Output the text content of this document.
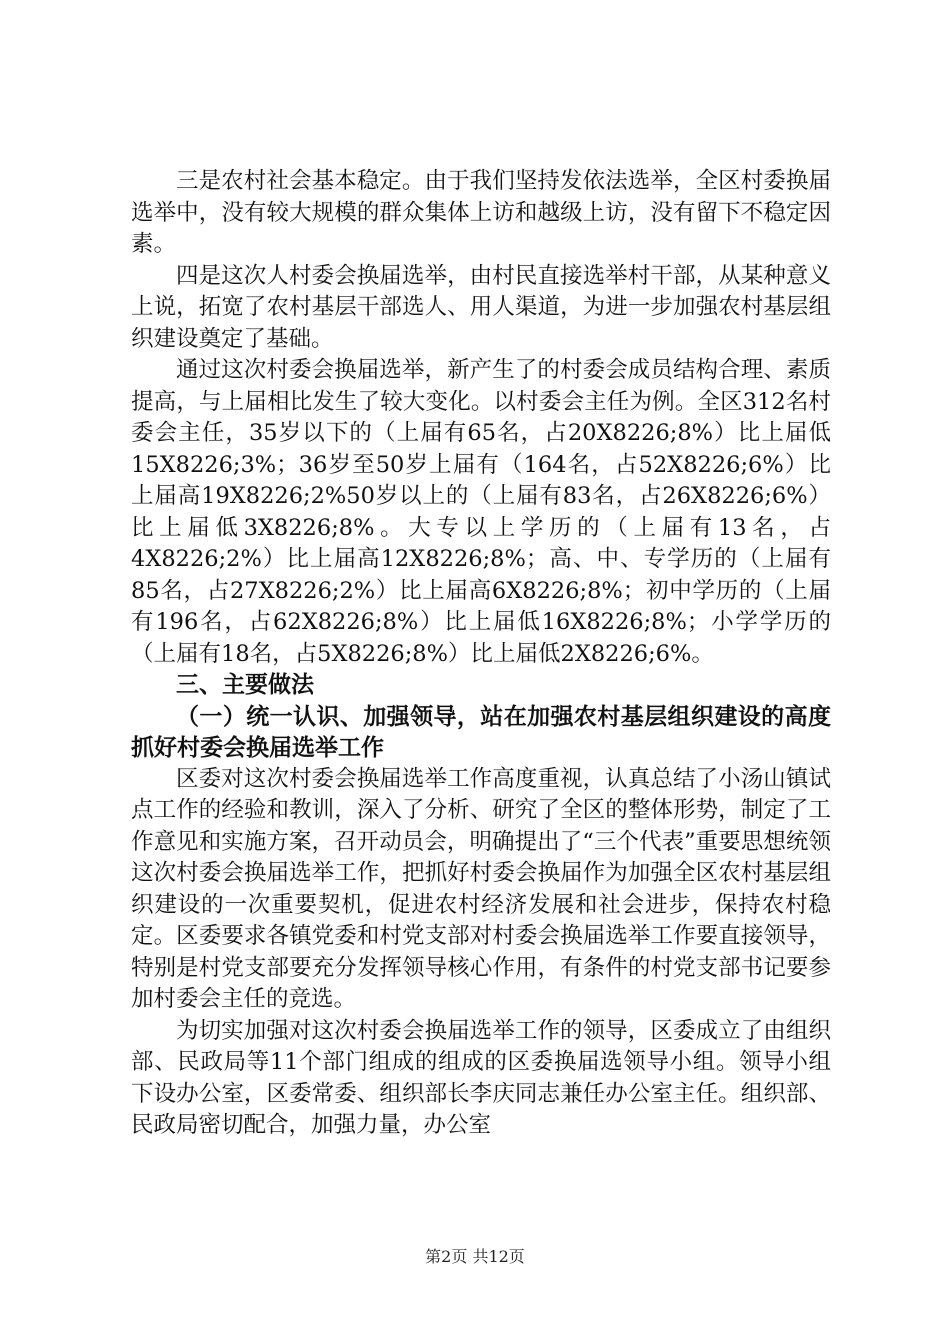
三是农村社会基本稳定。由于我们坚持发依法选举，全区村委换届选举中，没有较大规模的群众集体上访和越级上访，没有留下不稳定因素。

四是这次人村委会换届选举，由村民直接选举村干部，从某种意义上说，拓宽了农村基层干部选人、用人渠道，为进一步加强农村基层组织建设奠定了基础。

通过这次村委会换届选举，新产生了的村委会成员结构合理、素质提高，与上届相比发生了较大变化。以村委会主任为例。全区312名村委会主任，35岁以下的（上届有65名，占20X8226;8%）比上届低15X8226;3%；36岁至50岁上届有（164名，占52X8226;6%）比上届高19X8226;2%50岁以上的（上届有83名，占26X8226;6%）比上届低3X8226;8%。大专以上学历的（上届有13名，占4X8226;2%）比上届高12X8226;8%；高、中、专学历的（上届有85名，占27X8226;2%）比上届高6X8226;8%；初中学历的（上届有196名，占62X8226;8%）比上届低16X8226;8%；小学学历的（上届有18名，占5X8226;8%）比上届低2X8226;6%。

三、主要做法

（一）统一认识、加强领导，站在加强农村基层组织建设的高度抓好村委会换届选举工作

区委对这次村委会换届选举工作高度重视，认真总结了小汤山镇试点工作的经验和教训，深入了分析、研究了全区的整体形势，制定了工作意见和实施方案，召开动员会，明确提出了“三个代表”重要思想统领这次村委会换届选举工作，把抓好村委会换届作为加强全区农村基层组织建设的一次重要契机，促进农村经济发展和社会进步，保持农村稳定。区委要求各镇党委和村党支部对村委会换届选举工作要直接领导，特别是村党支部要充分发挥领导核心作用，有条件的村党支部书记要参加村委会主任的竞选。

为切实加强对这次村委会换届选举工作的领导，区委成立了由组织部、民政局等11个部门组成的组成的区委换届选领导小组。领导小组下设办公室，区委常委、组织部长李庆同志兼任办公室主任。组织部、民政局密切配合，加强力量，办公室

第2页 共12页
